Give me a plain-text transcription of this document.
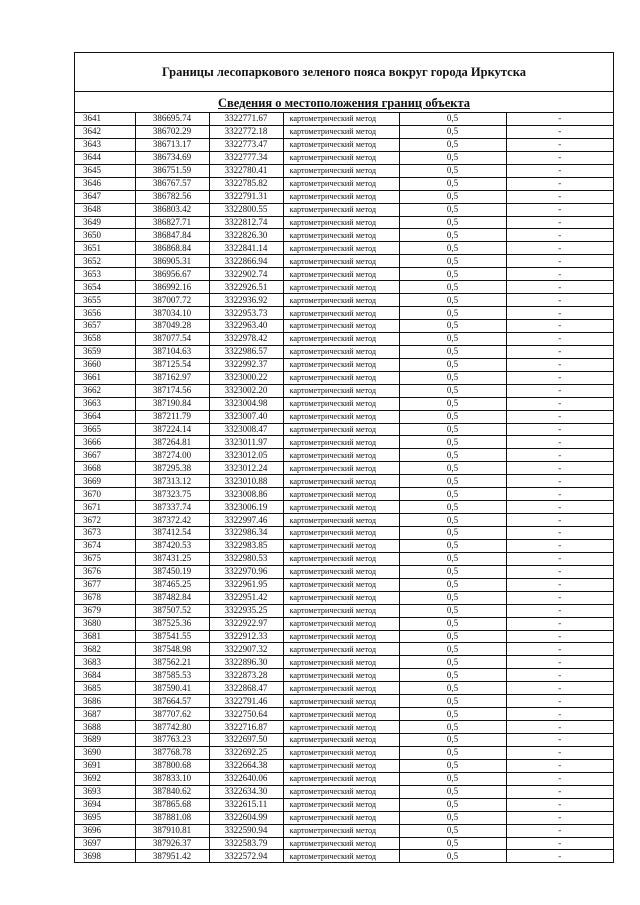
Границы лесопаркового зеленого пояса вокруг города Иркутска
Сведения о местоположения границ объекта
3641	386695.74	3322771.67	картометрический метод	0,5	-
3642	386702.29	3322772.18	картометрический метод	0,5	-
3643	386713.17	3322773.47	картометрический метод	0,5	-
3644	386734.69	3322777.34	картометрический метод	0,5	-
3645	386751.59	3322780.41	картометрический метод	0,5	-
3646	386767.57	3322785.82	картометрический метод	0,5	-
3647	386782.56	3322791.31	картометрический метод	0,5	-
3648	386803.42	3322800.55	картометрический метод	0,5	-
3649	386827.71	3322812.74	картометрический метод	0,5	-
3650	386847.84	3322826.30	картометрический метод	0,5	-
3651	386868.84	3322841.14	картометрический метод	0,5	-
3652	386905.31	3322866.94	картометрический метод	0,5	-
3653	386956.67	3322902.74	картометрический метод	0,5	-
3654	386992.16	3322926.51	картометрический метод	0,5	-
3655	387007.72	3322936.92	картометрический метод	0,5	-
3656	387034.10	3322953.73	картометрический метод	0,5	-
3657	387049.28	3322963.40	картометрический метод	0,5	-
3658	387077.54	3322978.42	картометрический метод	0,5	-
3659	387104.63	3322986.57	картометрический метод	0,5	-
3660	387125.54	3322992.37	картометрический метод	0,5	-
3661	387162.97	3323000.22	картометрический метод	0,5	-
3662	387174.56	3323002.20	картометрический метод	0,5	-
3663	387190.84	3323004.98	картометрический метод	0,5	-
3664	387211.79	3323007.40	картометрический метод	0,5	-
3665	387224.14	3323008.47	картометрический метод	0,5	-
3666	387264.81	3323011.97	картометрический метод	0,5	-
3667	387274.00	3323012.05	картометрический метод	0,5	-
3668	387295.38	3323012.24	картометрический метод	0,5	-
3669	387313.12	3323010.88	картометрический метод	0,5	-
3670	387323.75	3323008.86	картометрический метод	0,5	-
3671	387337.74	3323006.19	картометрический метод	0,5	-
3672	387372.42	3322997.46	картометрический метод	0,5	-
3673	387412.54	3322986.34	картометрический метод	0,5	-
3674	387420.53	3322983.85	картометрический метод	0,5	-
3675	387431.25	3322980.53	картометрический метод	0,5	-
3676	387450.19	3322970.96	картометрический метод	0,5	-
3677	387465.25	3322961.95	картометрический метод	0,5	-
3678	387482.84	3322951.42	картометрический метод	0,5	-
3679	387507.52	3322935.25	картометрический метод	0,5	-
3680	387525.36	3322922.97	картометрический метод	0,5	-
3681	387541.55	3322912.33	картометрический метод	0,5	-
3682	387548.98	3322907.32	картометрический метод	0,5	-
3683	387562.21	3322896.30	картометрический метод	0,5	-
3684	387585.53	3322873.28	картометрический метод	0,5	-
3685	387590.41	3322868.47	картометрический метод	0,5	-
3686	387664.57	3322791.46	картометрический метод	0,5	-
3687	387707.62	3322750.64	картометрический метод	0,5	-
3688	387742.80	3322716.87	картометрический метод	0,5	-
3689	387763.23	3322697.50	картометрический метод	0,5	-
3690	387768.78	3322692.25	картометрический метод	0,5	-
3691	387800.68	3322664.38	картометрический метод	0,5	-
3692	387833.10	3322640.06	картометрический метод	0,5	-
3693	387840.62	3322634.30	картометрический метод	0,5	-
3694	387865.68	3322615.11	картометрический метод	0,5	-
3695	387881.08	3322604.99	картометрический метод	0,5	-
3696	387910.81	3322590.94	картометрический метод	0,5	-
3697	387926.37	3322583.79	картометрический метод	0,5	-
3698	387951.42	3322572.94	картометрический метод	0,5	-
